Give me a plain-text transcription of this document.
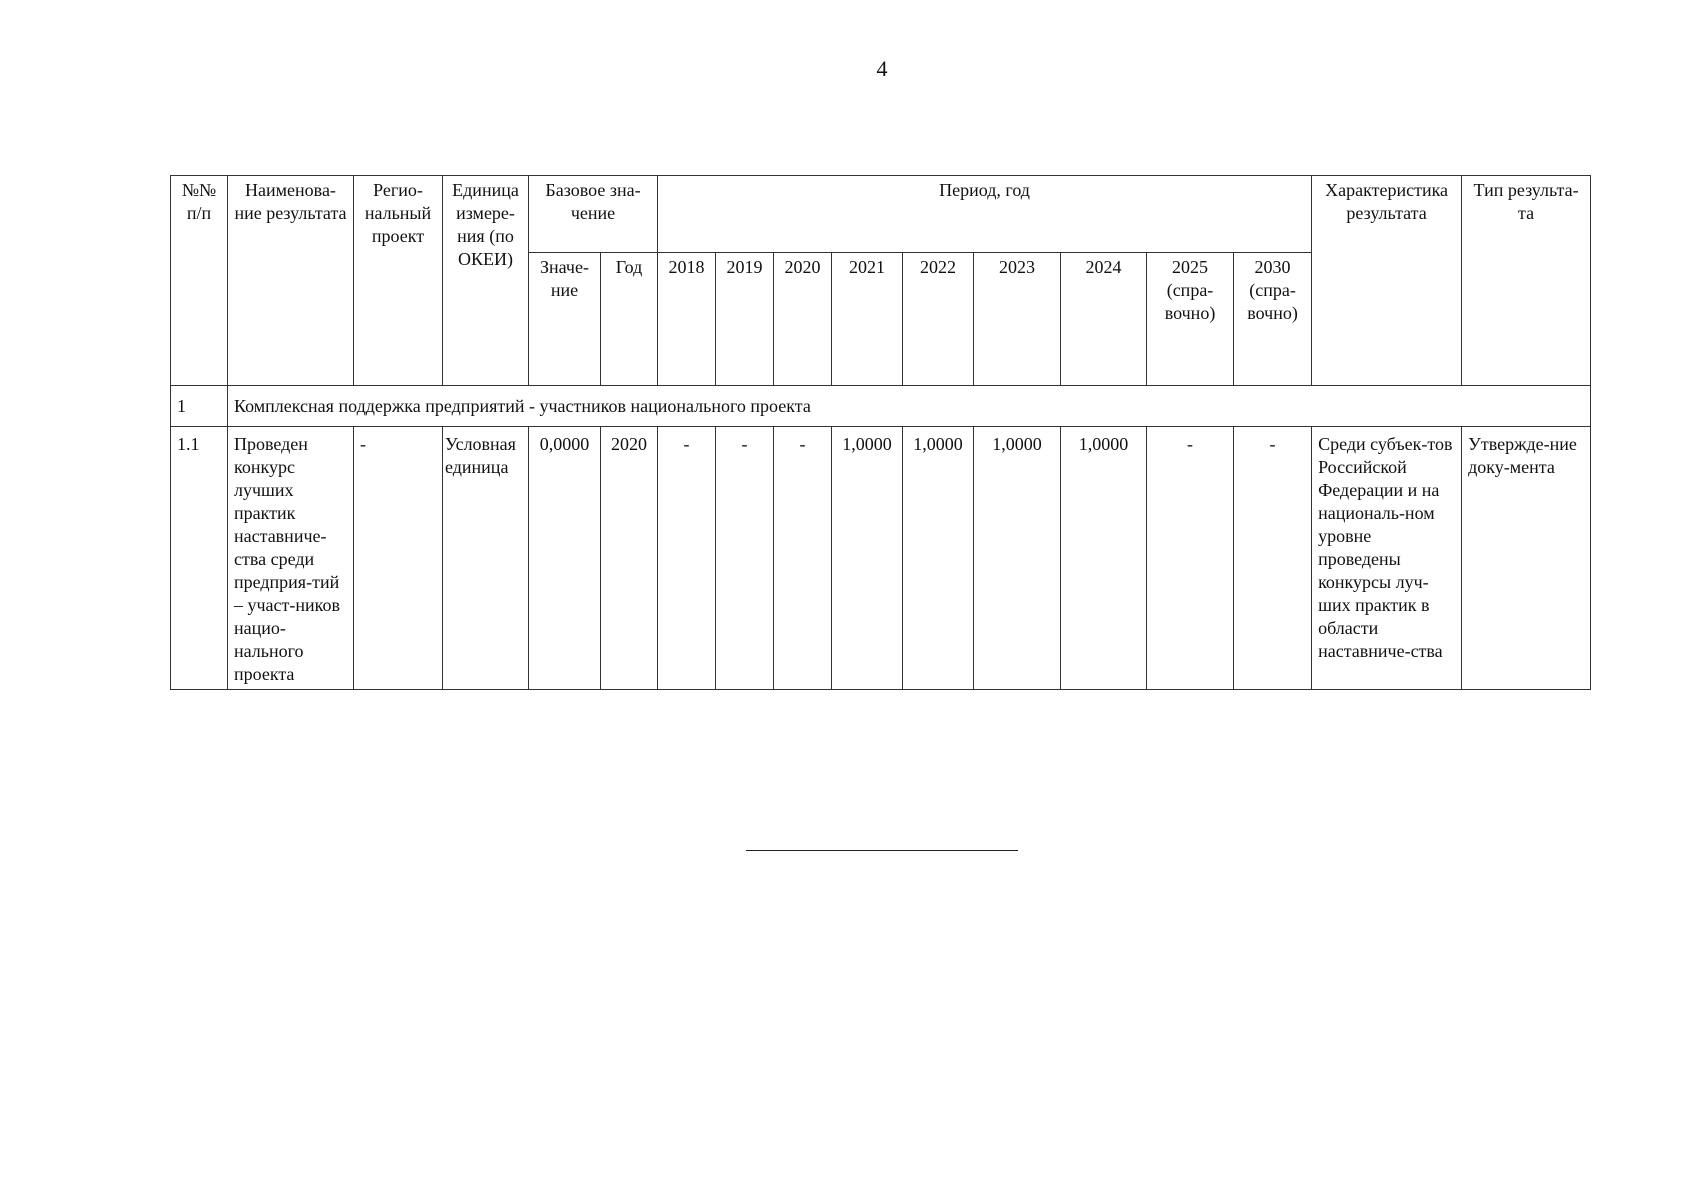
4
№№ п/п	Наименова-ние результата	Регио-нальный проект	Единица измере-ния (по ОКЕИ)	Базовое зна-чение		Период, год									Характеристика результата	Тип результа-та
				Значе-ние	Год	2018	2019	2020	2021	2022	2023	2024	2025 (спра-вочно)	2030 (спра-вочно)		
1	Комплексная поддержка предприятий - участников национального проекта															
1.1	Проведен конкурс лучших практик наставниче-ства среди предприя-тий – участ-ников нацио-нального проекта	-	Условная единица	0,0000	2020	-	-	-	1,0000	1,0000	1,0000	1,0000	-	-	Среди субъек-тов Российской Федерации и на националь-ном уровне проведены конкурсы луч-ших практик в области наставниче-ства	Утвержде-ние доку-мента
